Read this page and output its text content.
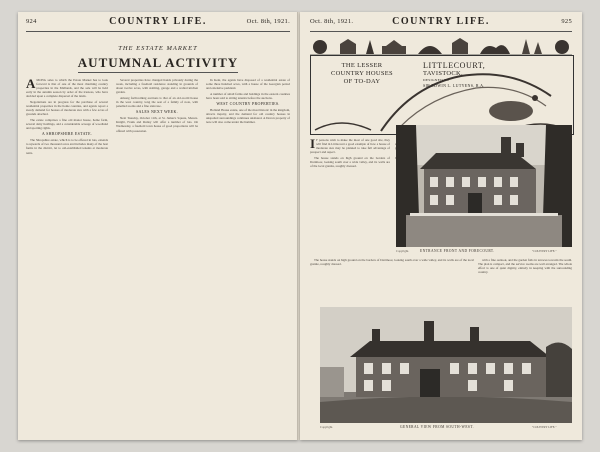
924	COUNTRY LIFE.	Oct. 8th, 1921.
THE ESTATE MARKET
AUTUMNAL ACTIVITY

AMONG sales to which the Estate Market has to look forward is that of one of the most charming country properties in the Midlands, and the sale will be held early in the autumn season by order of the trustees, who have decided upon a complete dispersal of the lands.

Negotiations are in progress for the purchase of several residential properties in the home counties, and agents report a steady demand for houses of moderate size with a few acres of grounds attached.

The estate comprises a fine old manor house, home farm, several dairy holdings, and a considerable acreage of woodland and sporting rights.

A SHROPSHIRE ESTATE.

The Shropshire estate, which is to be offered in lots, extends to upwards of two thousand acres and includes many of the best farms in the district, let to old-established tenants at moderate rents.

Several properties have changed hands privately during the week, including a freehold residence standing in grounds of about twelve acres, with stabling, garage and a walled kitchen garden.

Among forthcoming auctions is that of an old-world house in the west country, long the seat of a family of note, with panelled rooms and a fine staircase.

SALES NEXT WEEK.

Next Tuesday, October 11th, at St. James's Square, Messrs. Knight, Frank and Rutley will offer a number of lots. On Wednesday, a freehold town house of good proportions will be offered with possession.

In Kent, the agents have disposed of a residential estate of some three hundred acres, with a house of the Georgian period and extensive parkland.

A number of small farms and holdings in the eastern counties have been sold to sitting tenants before the auctions.

WEST COUNTRY PROPERTIES.

Holland House estate, one of the most historic in the kingdom, attracts inquiry, and the demand for old country houses in unspoiled surroundings continues unabated. A Devon property of note will also come under the hammer.

Oct. 8th, 1921.	COUNTRY LIFE.	925
THE LESSER
COUNTRY HOUSES
OF TO-DAY
LITTLECOURT,
TAVISTOCK.
DESIGNED BY
SIR EDWIN L. LUTYENS, R.A.

I F persons wish to make the most of one good site, they will find in Littlecourt a good example of how a house of moderate size may be planned to take full advantage of prospect and aspect.

The house stands on high ground on the borders of Dartmoor, looking south over a wide valley, and its walls are of the local granite, roughly dressed.

Copyright.	ENTRANCE FRONT AND FORECOURT.	"COUNTRY LIFE."

The house stands on high ground on the borders of Dartmoor, looking south over a wide valley, and its walls are of the local granite, roughly dressed.

with a fine outlook, and the garden falls in terraces towards the south. The plan is compact, and the service rooms are well arranged. The whole effect is one of quiet dignity, entirely in keeping with the surrounding country.

Copyright.	GENERAL VIEW FROM SOUTH-WEST.	"COUNTRY LIFE."
